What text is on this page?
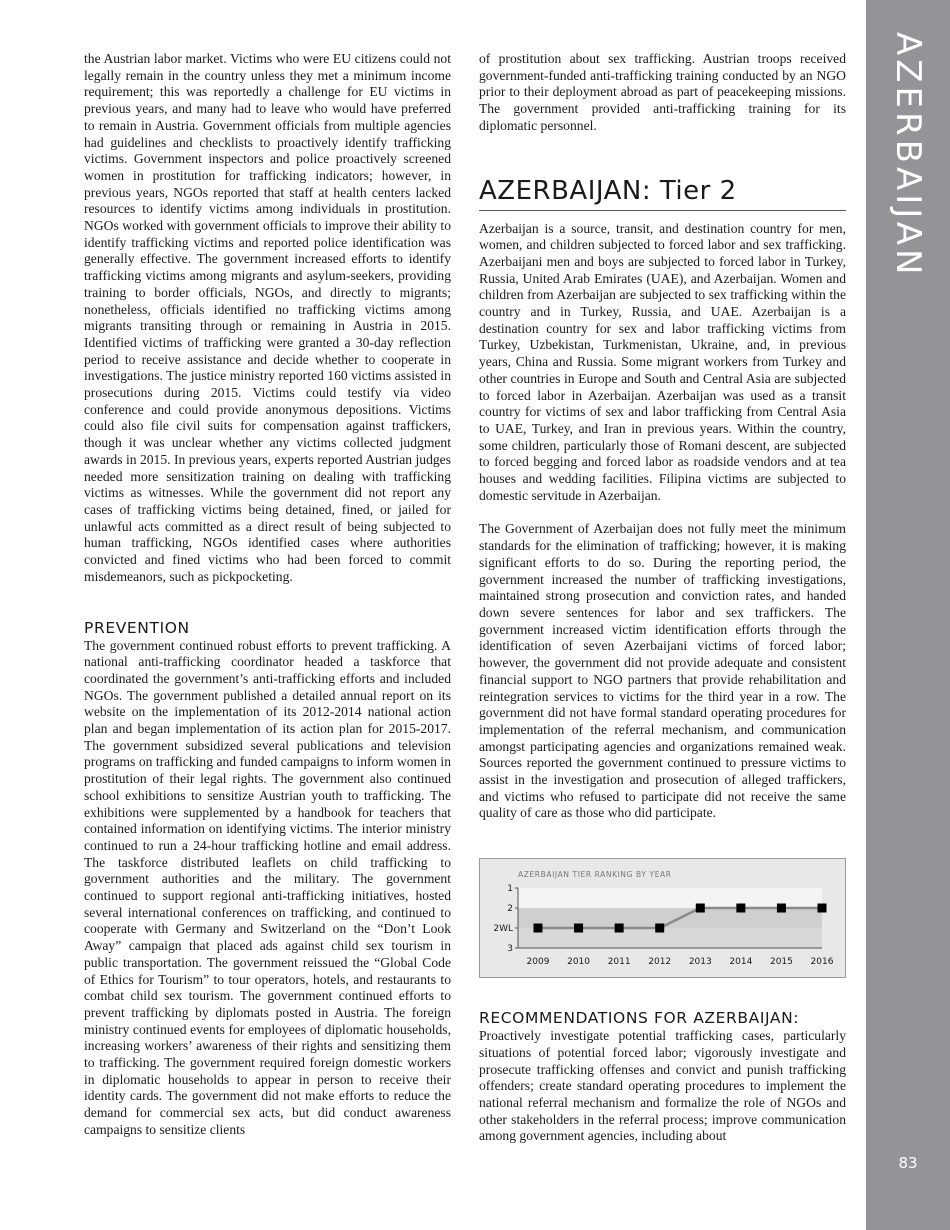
the Austrian labor market. Victims who were EU citizens could not legally remain in the country unless they met a minimum income requirement; this was reportedly a challenge for EU victims in previous years, and many had to leave who would have preferred to remain in Austria. Government officials from multiple agencies had guidelines and checklists to proactively identify trafficking victims. Government inspectors and police proactively screened women in prostitution for trafficking indicators; however, in previous years, NGOs reported that staff at health centers lacked resources to identify victims among individuals in prostitution. NGOs worked with government officials to improve their ability to identify trafficking victims and reported police identification was generally effective. The government increased efforts to identify trafficking victims among migrants and asylum-seekers, providing training to border officials, NGOs, and directly to migrants; nonetheless, officials identified no trafficking victims among migrants transiting through or remaining in Austria in 2015. Identified victims of trafficking were granted a 30-day reflection period to receive assistance and decide whether to cooperate in investigations. The justice ministry reported 160 victims assisted in prosecutions during 2015. Victims could testify via video conference and could provide anonymous depositions. Victims could also file civil suits for compensation against traffickers, though it was unclear whether any victims collected judgment awards in 2015. In previous years, experts reported Austrian judges needed more sensitization training on dealing with trafficking victims as witnesses. While the government did not report any cases of trafficking victims being detained, fined, or jailed for unlawful acts committed as a direct result of being subjected to human trafficking, NGOs identified cases where authorities convicted and fined victims who had been forced to commit misdemeanors, such as pickpocketing.

PREVENTION

The government continued robust efforts to prevent trafficking. A national anti-trafficking coordinator headed a taskforce that coordinated the government’s anti-trafficking efforts and included NGOs. The government published a detailed annual report on its website on the implementation of its 2012-2014 national action plan and began implementation of its action plan for 2015-2017. The government subsidized several publications and television programs on trafficking and funded campaigns to inform women in prostitution of their legal rights. The government also continued school exhibitions to sensitize Austrian youth to trafficking. The exhibitions were supplemented by a handbook for teachers that contained information on identifying victims. The interior ministry continued to run a 24-hour trafficking hotline and email address. The taskforce distributed leaflets on child trafficking to government authorities and the military. The government continued to support regional anti-trafficking initiatives, hosted several international conferences on trafficking, and continued to cooperate with Germany and Switzerland on the “Don’t Look Away” campaign that placed ads against child sex tourism in public transportation. The government reissued the “Global Code of Ethics for Tourism” to tour operators, hotels, and restaurants to combat child sex tourism. The government continued efforts to prevent trafficking by diplomats posted in Austria. The foreign ministry continued events for employees of diplomatic households, increasing workers’ awareness of their rights and sensitizing them to trafficking. The government required foreign domestic workers in diplomatic households to appear in person to receive their identity cards. The government did not make efforts to reduce the demand for commercial sex acts, but did conduct awareness campaigns to sensitize clients

of prostitution about sex trafficking. Austrian troops received government-funded anti-trafficking training conducted by an NGO prior to their deployment abroad as part of peacekeeping missions. The government provided anti-trafficking training for its diplomatic personnel.

AZERBAIJAN: Tier 2

Azerbaijan is a source, transit, and destination country for men, women, and children subjected to forced labor and sex trafficking. Azerbaijani men and boys are subjected to forced labor in Turkey, Russia, United Arab Emirates (UAE), and Azerbaijan. Women and children from Azerbaijan are subjected to sex trafficking within the country and in Turkey, Russia, and UAE. Azerbaijan is a destination country for sex and labor trafficking victims from Turkey, Uzbekistan, Turkmenistan, Ukraine, and, in previous years, China and Russia. Some migrant workers from Turkey and other countries in Europe and South and Central Asia are subjected to forced labor in Azerbaijan. Azerbaijan was used as a transit country for victims of sex and labor trafficking from Central Asia to UAE, Turkey, and Iran in previous years. Within the country, some children, particularly those of Romani descent, are subjected to forced begging and forced labor as roadside vendors and at tea houses and wedding facilities. Filipina victims are subjected to domestic servitude in Azerbaijan.

The Government of Azerbaijan does not fully meet the minimum standards for the elimination of trafficking; however, it is making significant efforts to do so. During the reporting period, the government increased the number of trafficking investigations, maintained strong prosecution and conviction rates, and handed down severe sentences for labor and sex traffickers. The government increased victim identification efforts through the identification of seven Azerbaijani victims of forced labor; however, the government did not provide adequate and consistent financial support to NGO partners that provide rehabilitation and reintegration services to victims for the third year in a row. The government did not have formal standard operating procedures for implementation of the referral mechanism, and communication amongst participating agencies and organizations remained weak. Sources reported the government continued to pressure victims to assist in the investigation and prosecution of alleged traffickers, and victims who refused to participate did not receive the same quality of care as those who did participate.

AZERBAIJAN TIER RANKING BY YEAR
1
2
2WL
3
2009 2010 2011 2012 2013 2014 2015 2016
RECOMMENDATIONS FOR AZERBAIJAN:

Proactively investigate potential trafficking cases, particularly situations of potential forced labor; vigorously investigate and prosecute trafficking offenses and convict and punish trafficking offenders; create standard operating procedures to implement the national referral mechanism and formalize the role of NGOs and other stakeholders in the referral process; improve communication among government agencies, including about

AZERBAIJAN
83
